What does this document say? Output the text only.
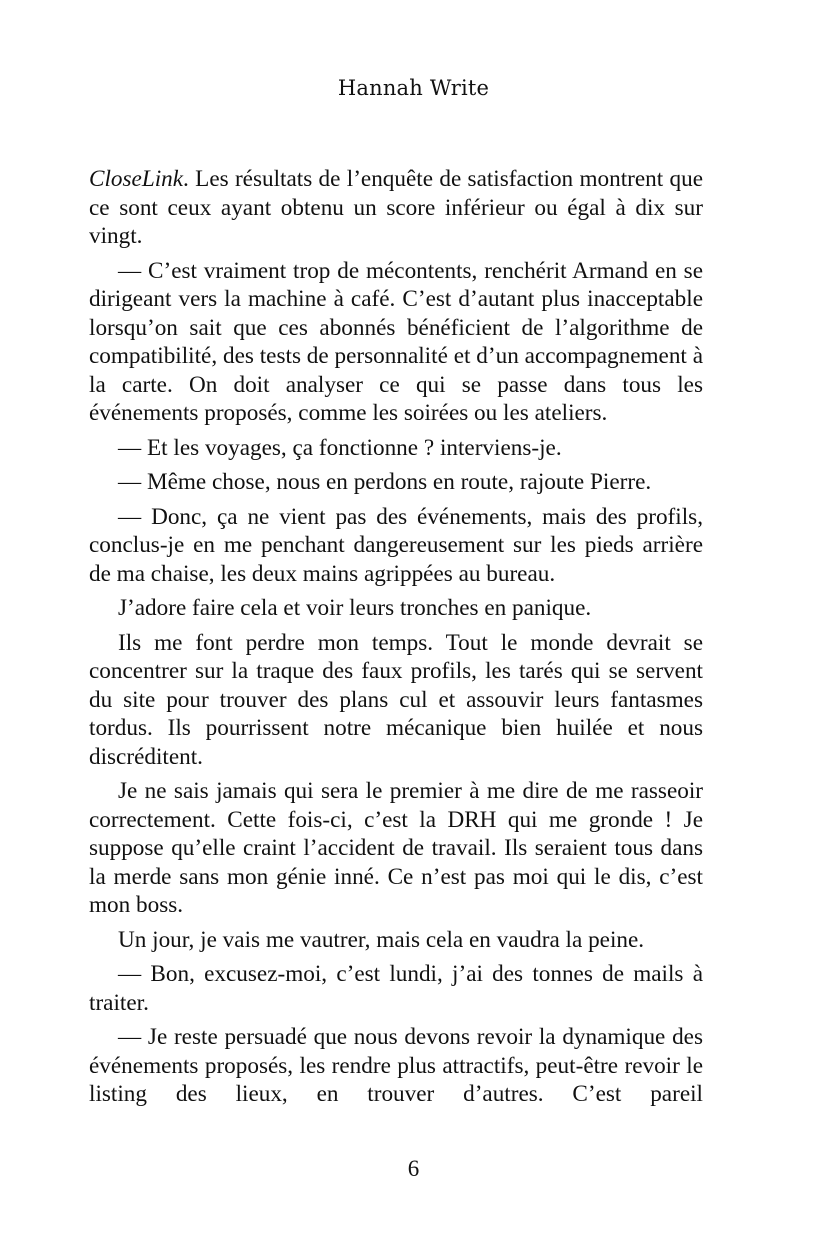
Hannah Write

CloseLink. Les résultats de l’enquête de satisfaction montrent que ce sont ceux ayant obtenu un score inférieur ou égal à dix sur vingt.

— C’est vraiment trop de mécontents, renchérit Armand en se dirigeant vers la machine à café. C’est d’autant plus inacceptable lorsqu’on sait que ces abonnés bénéficient de l’algorithme de compatibilité, des tests de personnalité et d’un accompagnement à la carte. On doit analyser ce qui se passe dans tous les événements proposés, comme les soirées ou les ateliers.

— Et les voyages, ça fonctionne ? interviens-je.

— Même chose, nous en perdons en route, rajoute Pierre.

— Donc, ça ne vient pas des événements, mais des profils, conclus-je en me penchant dangereusement sur les pieds arrière de ma chaise, les deux mains agrippées au bureau.

J’adore faire cela et voir leurs tronches en panique.

Ils me font perdre mon temps. Tout le monde devrait se concentrer sur la traque des faux profils, les tarés qui se servent du site pour trouver des plans cul et assouvir leurs fantasmes tordus. Ils pourrissent notre mécanique bien huilée et nous discréditent.

Je ne sais jamais qui sera le premier à me dire de me rasseoir correctement. Cette fois-ci, c’est la DRH qui me gronde ! Je suppose qu’elle craint l’accident de travail. Ils seraient tous dans la merde sans mon génie inné. Ce n’est pas moi qui le dis, c’est mon boss.

Un jour, je vais me vautrer, mais cela en vaudra la peine.

— Bon, excusez-moi, c’est lundi, j’ai des tonnes de mails à traiter.

— Je reste persuadé que nous devons revoir la dynamique des événements proposés, les rendre plus attractifs, peut-être revoir le listing des lieux, en trouver d’autres. C’est pareil

6
